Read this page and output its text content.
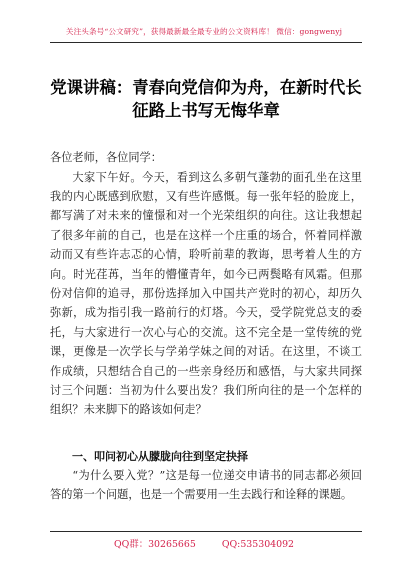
关注头条号“公文研究”，获得最新最全最专业的公文资料库！ 微信：gongwenyj
党课讲稿：青春向党信仰为舟，在新时代长征路上书写无悔华章

各位老师，各位同学：

大家下午好。今天，看到这么多朝气蓬勃的面孔坐在这里我的内心既感到欣慰，又有些许感慨。每一张年轻的脸庞上，都写满了对未来的憧憬和对一个光荣组织的向往。这让我想起了很多年前的自己，也是在这样一个庄重的场合，怀着同样激动而又有些许志忑的心情，聆听前辈的教诲，思考着人生的方向。时光荏苒，当年的懵懂青年，如今已两鬓略有风霜。但那份对信仰的追寻，那份选择加入中国共产党时的初心，却历久弥新，成为指引我一路前行的灯塔。今天，受学院党总支的委托，与大家进行一次心与心的交流。这不完全是一堂传统的党课，更像是一次学长与学弟学妹之间的对话。在这里，不谈工作成绩，只想结合自己的一些亲身经历和感悟，与大家共同探讨三个问题：当初为什么要出发？我们所向往的是一个怎样的组织？未来脚下的路该如何走？

一、叩问初心从朦胧向往到坚定抉择

“为什么要入党？”这是每一位递交申请书的同志都必须回答的第一个问题，也是一个需要用一生去践行和诠释的课题。

QQ群：30265665	QQ:535304092
